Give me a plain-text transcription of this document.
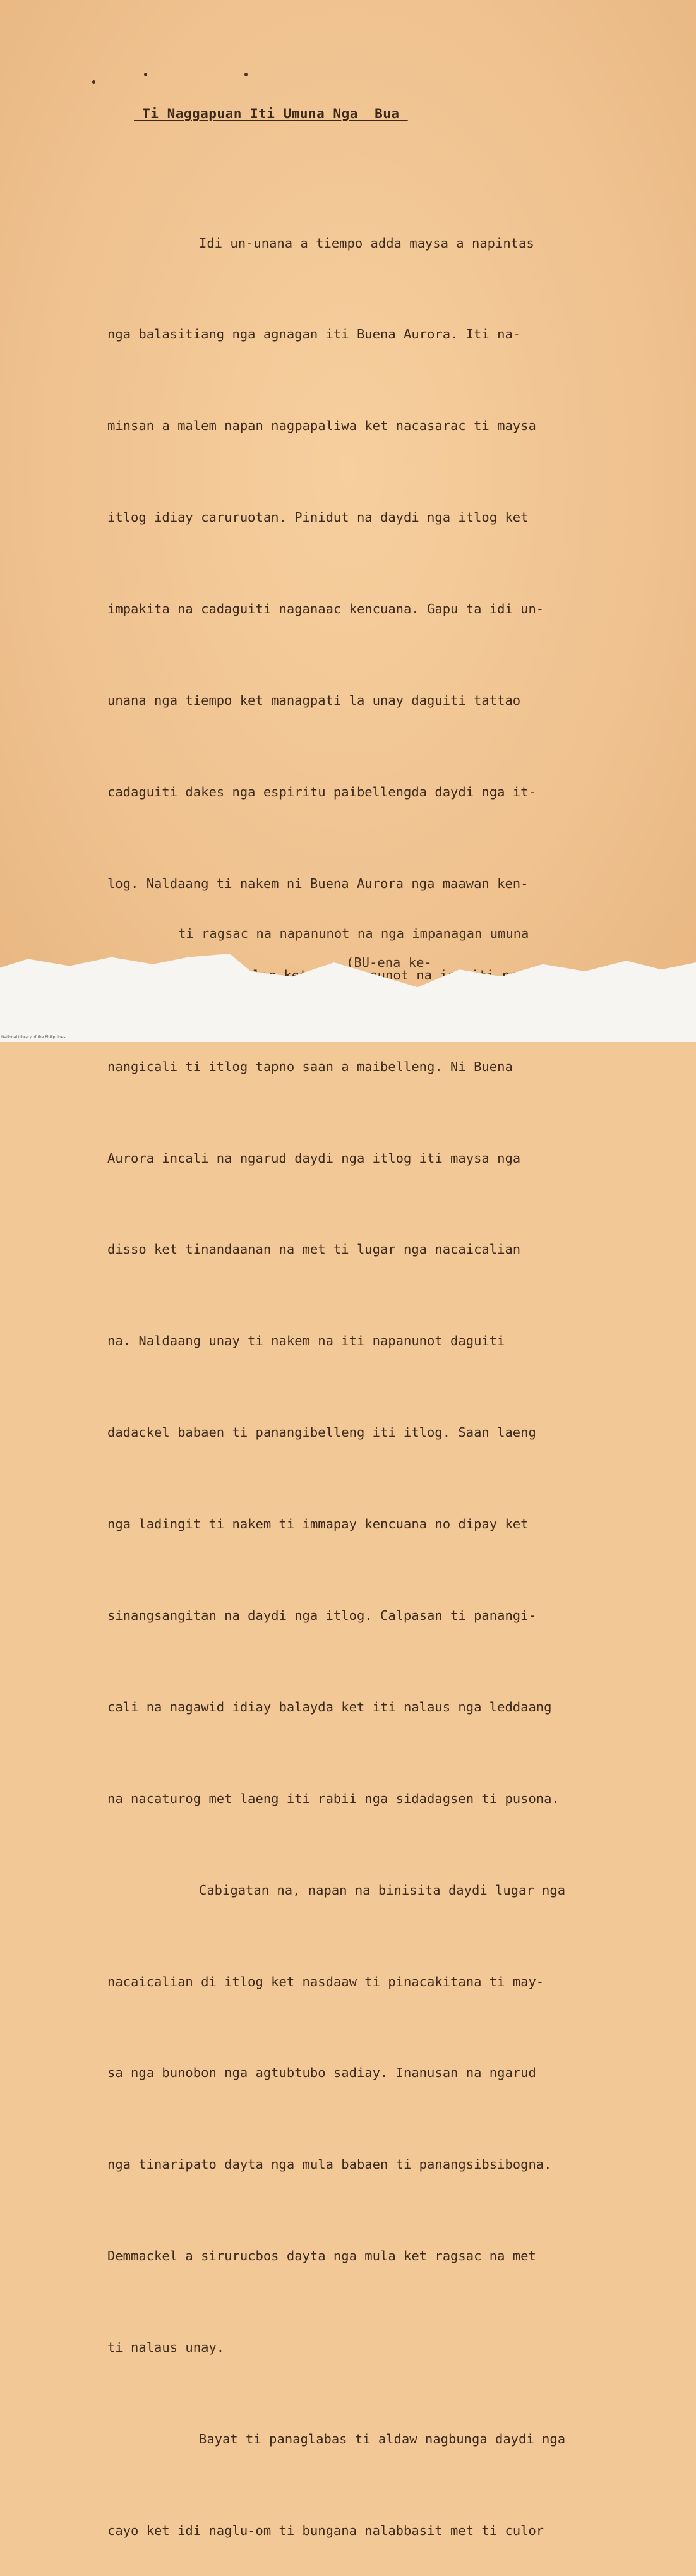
_Ti Naggapuan Iti Umuna Nga _Bua_

Idi un-unana a tiempo adda maysa a napintas

nga balasitiang nga agnagan iti Buena Aurora. Iti na-

minsan a malem napan nagpapaliwa ket nacasarac ti maysa

itlog idiay caruruotan. Pinidut na daydi nga itlog ket

impakita na cadaguiti naganaac kencuana. Gapu ta idi un-

unana nga tiempo ket managpati la unay daguiti tattao

cadaguiti dakes nga espiritu paibellengda daydi nga it-

log. Naldaang ti nakem ni Buena Aurora nga maawan ken-

nangicali ti itlog tapno saan a maibelleng. Ni Buena

Aurora incali na ngarud daydi nga itlog iti maysa nga

disso ket tinandaanan na met ti lugar nga nacaicalian

na. Naldaang unay ti nakem na iti napanunot daguiti

dadackel babaen ti panangibelleng iti itlog. Saan laeng

nga ladingit ti nakem ti immapay kencuana no dipay ket

sinangsangitan na daydi nga itlog. Calpasan ti panangi-

cali na nagawid idiay balayda ket iti nalaus nga leddaang

na nacaturog met laeng iti rabii nga sidadagsen ti pusona.

Cabigatan na, napan na binisita daydi lugar nga

nacaicalian di itlog ket nasdaaw ti pinacakitana ti may-

sa nga bunobon nga agtubtubo sadiay. Inanusan na ngarud

nga tinaripato dayta nga mula babaen ti panangsibsibogna.

Demmackel a sirurucbos dayta nga mula ket ragsac na met

ti nalaus unay.

Bayat ti panaglabas ti aldaw nagbunga daydi nga

cayo ket idi naglu-om ti bungana nalabbasit met ti culor

ti ragsac na napanunot na nga impanagan umuna
(BU-ena ke-
National Library of the Philippines
